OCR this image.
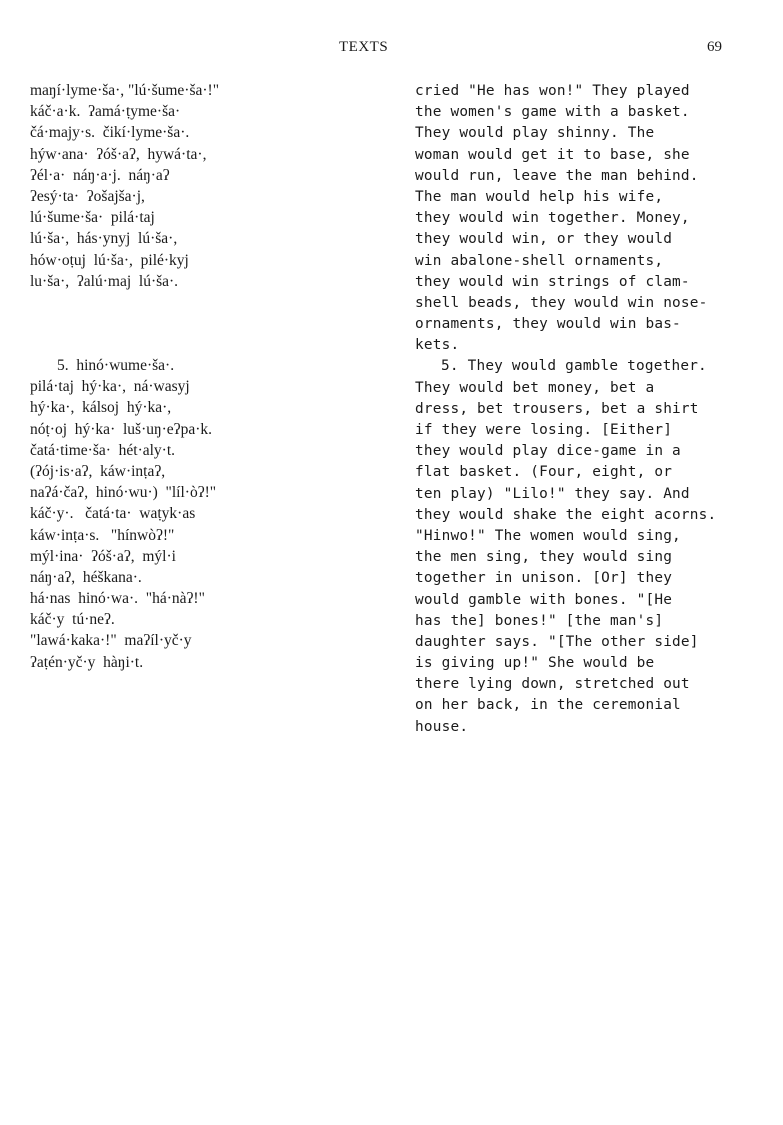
TEXTS	69
maŋí·lyme·ša·, "lú·šume·ša·!"
káč·a·k.  ʔamá·ṭyme·ša·
čá·majy·s.  čikí·lyme·ša·.
hýw·ana·  ʔóš·aʔ,  hywá·ta·,
ʔél·a·  náŋ·a·j.  náŋ·aʔ
ʔesý·ta·  ʔošajša·j,
lú·šume·ša·  pilá·taj
lú·ša·,  hás·ynyj  lú·ša·,
hów·oṭuj  lú·ša·,  pilé·kyj
lu·ša·,  ʔalú·maj  lú·ša·.
5.  hinó·wume·ša·.
pilá·taj  hý·ka·,  ná·wasyj
hý·ka·,  kálsoj  hý·ka·,
nóṭ·oj  hý·ka·  luš·uŋ·eʔpa·k.
čatá·time·ša·  hét·aly·t.
(ʔój·is·aʔ,  káw·inṭaʔ,
naʔá·čaʔ,  hinó·wu·)  "líl·òʔ!"
káč·y·.   čatá·ta·  waṭyk·as
káw·inṭa·s.   "hínwòʔ!"
mýl·ina·  ʔóš·aʔ,  mýl·i
náŋ·aʔ,  héškana·.
há·nas  hinó·wa·.  "há·nàʔ!"
káč·y  tú·neʔ.
"lawá·kaka·!"  maʔíl·yč·y
ʔaṭén·yč·y  hàŋi·t.
cried "He has won!" They played
the women's game with a basket.
They would play shinny. The
woman would get it to base, she
would run, leave the man behind.
The man would help his wife,
they would win together. Money,
they would win, or they would
win abalone-shell ornaments,
they would win strings of clam-
shell beads, they would win nose-
ornaments, they would win bas-
kets.
5. They would gamble together.
They would bet money, bet a
dress, bet trousers, bet a shirt
if they were losing. [Either]
they would play dice-game in a
flat basket. (Four, eight, or
ten play) "Lilo!" they say. And
they would shake the eight acorns.
"Hinwo!" The women would sing,
the men sing, they would sing
together in unison. [Or] they
would gamble with bones. "[He
has the] bones!" [the man's]
daughter says. "[The other side]
is giving up!" She would be
there lying down, stretched out
on her back, in the ceremonial
house.
